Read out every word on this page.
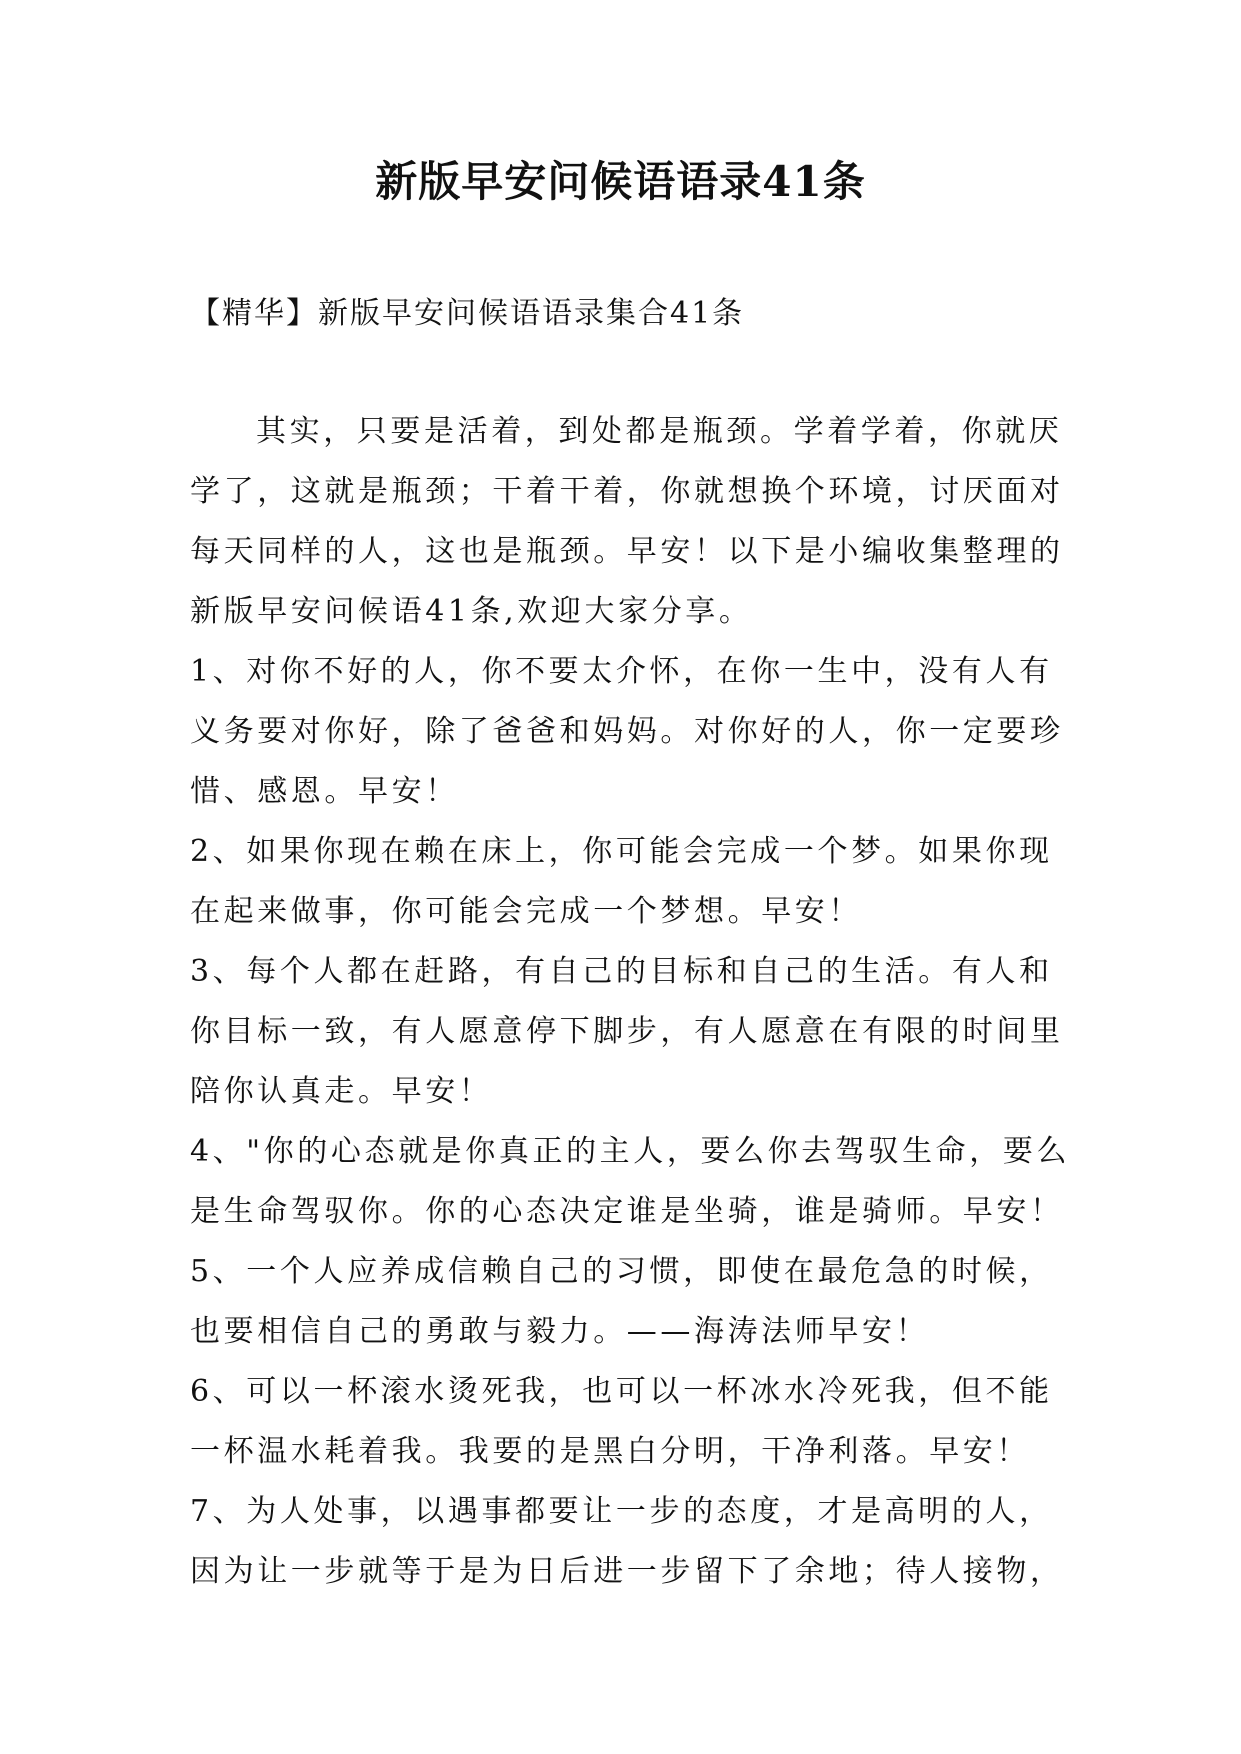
新版早安问候语语录41条

【精华】新版早安问候语语录集合41条

其实，只要是活着，到处都是瓶颈。学着学着，你就厌

学了，这就是瓶颈；干着干着，你就想换个环境，讨厌面对

每天同样的人，这也是瓶颈。早安！以下是小编收集整理的

新版早安问候语41条,欢迎大家分享。

1、对你不好的人，你不要太介怀，在你一生中，没有人有

义务要对你好，除了爸爸和妈妈。对你好的人，你一定要珍

惜、感恩。早安！

2、如果你现在赖在床上，你可能会完成一个梦。如果你现

在起来做事，你可能会完成一个梦想。早安！

3、每个人都在赶路，有自己的目标和自己的生活。有人和

你目标一致，有人愿意停下脚步，有人愿意在有限的时间里

陪你认真走。早安！

4、"你的心态就是你真正的主人，要么你去驾驭生命，要么

是生命驾驭你。你的心态决定谁是坐骑，谁是骑师。早安！

5、一个人应养成信赖自己的习惯，即使在最危急的时候，

也要相信自己的勇敢与毅力。——海涛法师早安！

6、可以一杯滚水烫死我，也可以一杯冰水冷死我，但不能

一杯温水耗着我。我要的是黑白分明，干净利落。早安！

7、为人处事，以遇事都要让一步的态度，才是高明的人，

因为让一步就等于是为日后进一步留下了余地；待人接物，
